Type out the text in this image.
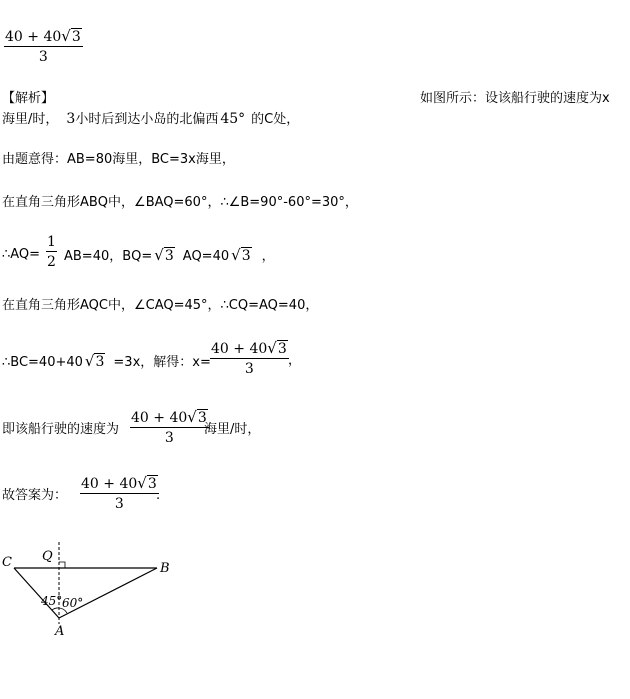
40 + 40√3
3
【解析】	如图所示：设该船行驶的速度为x
海里/时， 3小时后到达小岛的北偏西 45° 的C处，
由题意得：AB=80海里，BC=3x海里，
在直角三角形ABQ中，∠BAQ=60°，∴∠B=90°-60°=30°，
∴AQ=
1
2 AB=40，BQ= √3 AQ=40 √3 ，
在直角三角形AQC中，∠CAQ=45°，∴CQ=AQ=40，
∴BC=40+40 √3 =3x，解得：x=
40 + 40√3
3
，
即该船行驶的速度为
40 + 40√3
3
海里/时，
故答案为：
40 + 40√3
3
.
C Q
B
A
45° 60°
